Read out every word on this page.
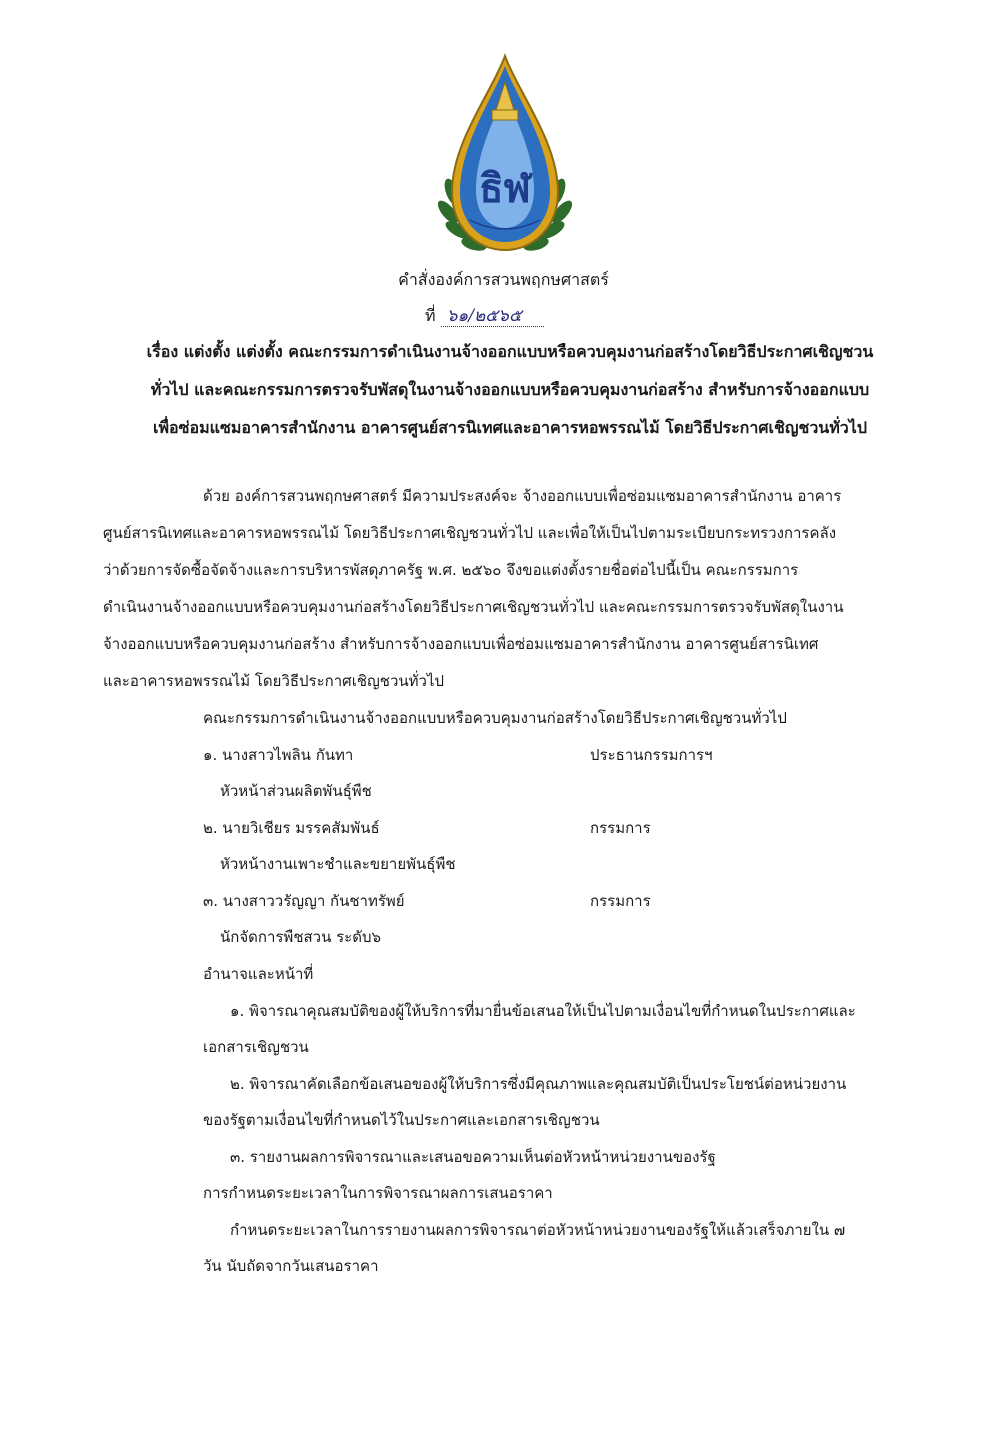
ธิฬ
คำสั่งองค์การสวนพฤกษศาสตร์
ที่ ๖๑/๒๕๖๕
เรื่อง แต่งตั้ง แต่งตั้ง คณะกรรมการดำเนินงานจ้างออกแบบหรือควบคุมงานก่อสร้างโดยวิธีประกาศเชิญชวน
ทั่วไป และคณะกรรมการตรวจรับพัสดุในงานจ้างออกแบบหรือควบคุมงานก่อสร้าง สำหรับการจ้างออกแบบ
เพื่อซ่อมแซมอาคารสำนักงาน อาคารศูนย์สารนิเทศและอาคารหอพรรณไม้ โดยวิธีประกาศเชิญชวนทั่วไป
ด้วย องค์การสวนพฤกษศาสตร์ มีความประสงค์จะ จ้างออกแบบเพื่อซ่อมแซมอาคารสำนักงาน อาคาร
ศูนย์สารนิเทศและอาคารหอพรรณไม้ โดยวิธีประกาศเชิญชวนทั่วไป และเพื่อให้เป็นไปตามระเบียบกระทรวงการคลัง
ว่าด้วยการจัดซื้อจัดจ้างและการบริหารพัสดุภาครัฐ พ.ศ. ๒๕๖๐ จึงขอแต่งตั้งรายชื่อต่อไปนี้เป็น คณะกรรมการ
ดำเนินงานจ้างออกแบบหรือควบคุมงานก่อสร้างโดยวิธีประกาศเชิญชวนทั่วไป และคณะกรรมการตรวจรับพัสดุในงาน
จ้างออกแบบหรือควบคุมงานก่อสร้าง สำหรับการจ้างออกแบบเพื่อซ่อมแซมอาคารสำนักงาน อาคารศูนย์สารนิเทศ
และอาคารหอพรรณไม้ โดยวิธีประกาศเชิญชวนทั่วไป
คณะกรรมการดำเนินงานจ้างออกแบบหรือควบคุมงานก่อสร้างโดยวิธีประกาศเชิญชวนทั่วไป
๑. นางสาวไพลิน กันทา	ประธานกรรมการฯ
หัวหน้าส่วนผลิตพันธุ์พืช
๒. นายวิเชียร มรรคสัมพันธ์	กรรมการ
หัวหน้างานเพาะชำและขยายพันธุ์พืช
๓. นางสาววรัญญา กันชาทรัพย์	กรรมการ
นักจัดการพืชสวน ระดับ๖
อำนาจและหน้าที่
๑. พิจารณาคุณสมบัติของผู้ให้บริการที่มายื่นข้อเสนอให้เป็นไปตามเงื่อนไขที่กำหนดในประกาศและ
เอกสารเชิญชวน
๒. พิจารณาคัดเลือกข้อเสนอของผู้ให้บริการซึ่งมีคุณภาพและคุณสมบัติเป็นประโยชน์ต่อหน่วยงาน
ของรัฐตามเงื่อนไขที่กำหนดไว้ในประกาศและเอกสารเชิญชวน
๓. รายงานผลการพิจารณาและเสนอขอความเห็นต่อหัวหน้าหน่วยงานของรัฐ
การกำหนดระยะเวลาในการพิจารณาผลการเสนอราคา
กำหนดระยะเวลาในการรายงานผลการพิจารณาต่อหัวหน้าหน่วยงานของรัฐให้แล้วเสร็จภายใน ๗
วัน นับถัดจากวันเสนอราคา
